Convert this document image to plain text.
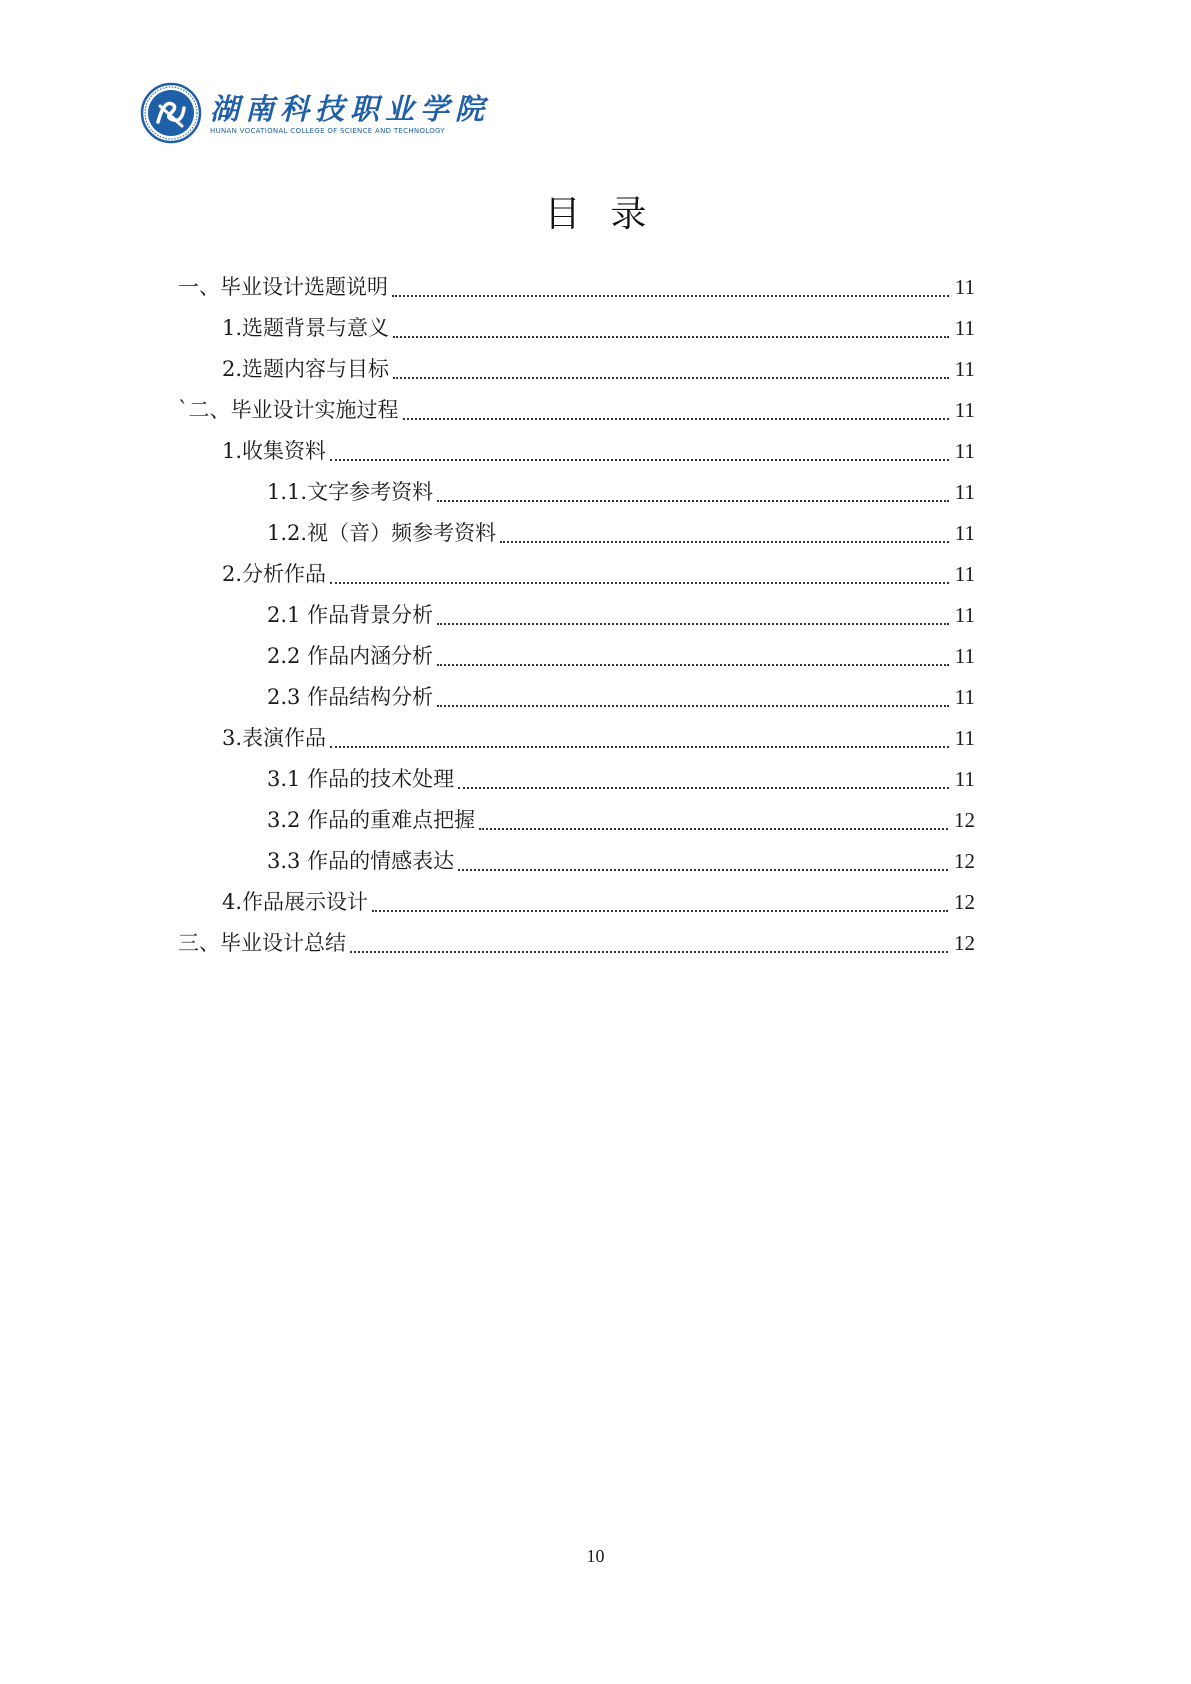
湖南科技职业学院
HUNAN VOCATIONAL COLLEGE OF SCIENCE AND TECHNOLOGY
目录
一、毕业设计选题说明	11
1.选题背景与意义	11
2.选题内容与目标	11
`二、毕业设计实施过程	11
1.收集资料	11
1.1.文字参考资料	11
1.2.视（音）频参考资料	11
2.分析作品	11
2.1 作品背景分析	11
2.2 作品内涵分析	11
2.3 作品结构分析	11
3.表演作品	11
3.1 作品的技术处理	11
3.2 作品的重难点把握	12
3.3 作品的情感表达	12
4.作品展示设计	12
三、毕业设计总结	12
10
